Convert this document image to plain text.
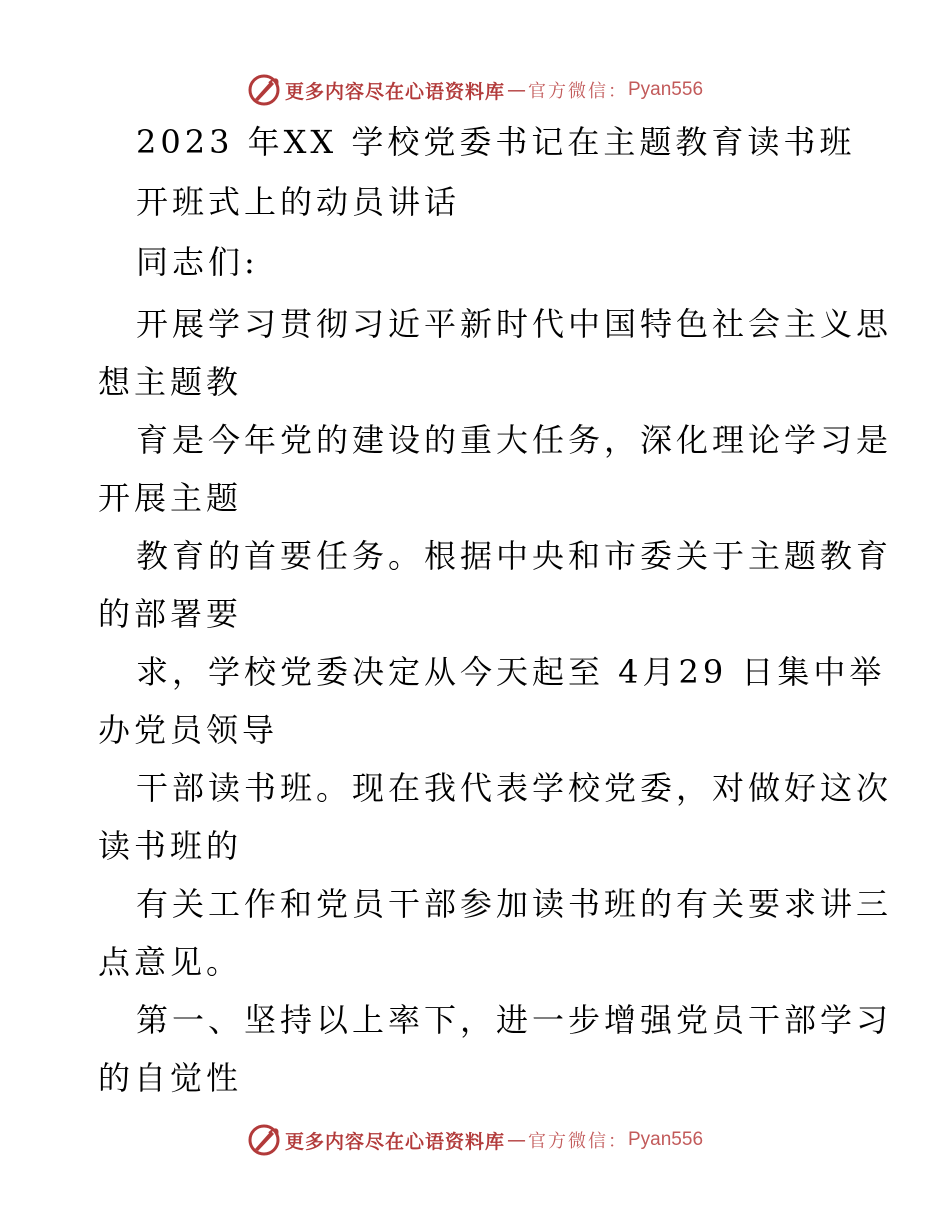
更多内容尽在心语资料库 — 官方微信： Pyan556
2023 年XX 学校党委书记在主题教育读书班
开班式上的动员讲话
同志们:
开展学习贯彻习近平新时代中国特色社会主义思
想主题教
育是今年党的建设的重大任务，深化理论学习是
开展主题
教育的首要任务。根据中央和市委关于主题教育
的部署要
求，学校党委决定从今天起至 4月29 日集中举
办党员领导
干部读书班。现在我代表学校党委，对做好这次
读书班的
有关工作和党员干部参加读书班的有关要求讲三
点意见。
第一、坚持以上率下，进一步增强党员干部学习
的自觉性
更多内容尽在心语资料库 — 官方微信： Pyan556
